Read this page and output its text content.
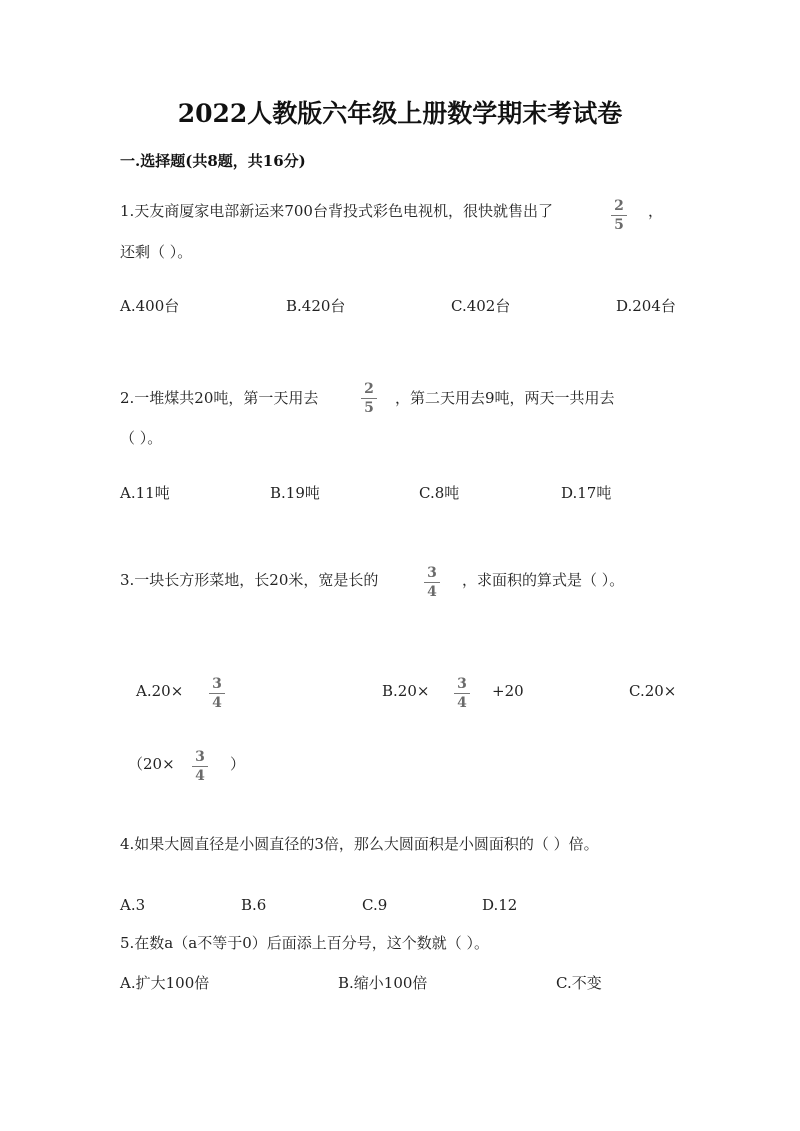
2022人教版六年级上册数学期末考试卷
一.选择题(共8题，共16分)
1.天友商厦家电部新运来700台背投式彩色电视机，很快就售出了	2
5
，
还剩（ ）。
A.400台	B.420台	C.402台	D.204台
2.一堆煤共20吨，第一天用去	2
5
，第二天用去9吨，两天一共用去
（ ）。
A.11吨	B.19吨	C.8吨	D.17吨
3.一块长方形菜地，长20米，宽是长的	3
4
，求面积的算式是（ ）。
A.20×	3
4
B.20×	3
4
+20	C.20×
（20×	3
4
）
4.如果大圆直径是小圆直径的3倍，那么大圆面积是小圆面积的（ ）倍。
A.3	B.6	C.9	D.12
5.在数a（a不等于0）后面添上百分号，这个数就（ ）。
A.扩大100倍	B.缩小100倍	C.不变
